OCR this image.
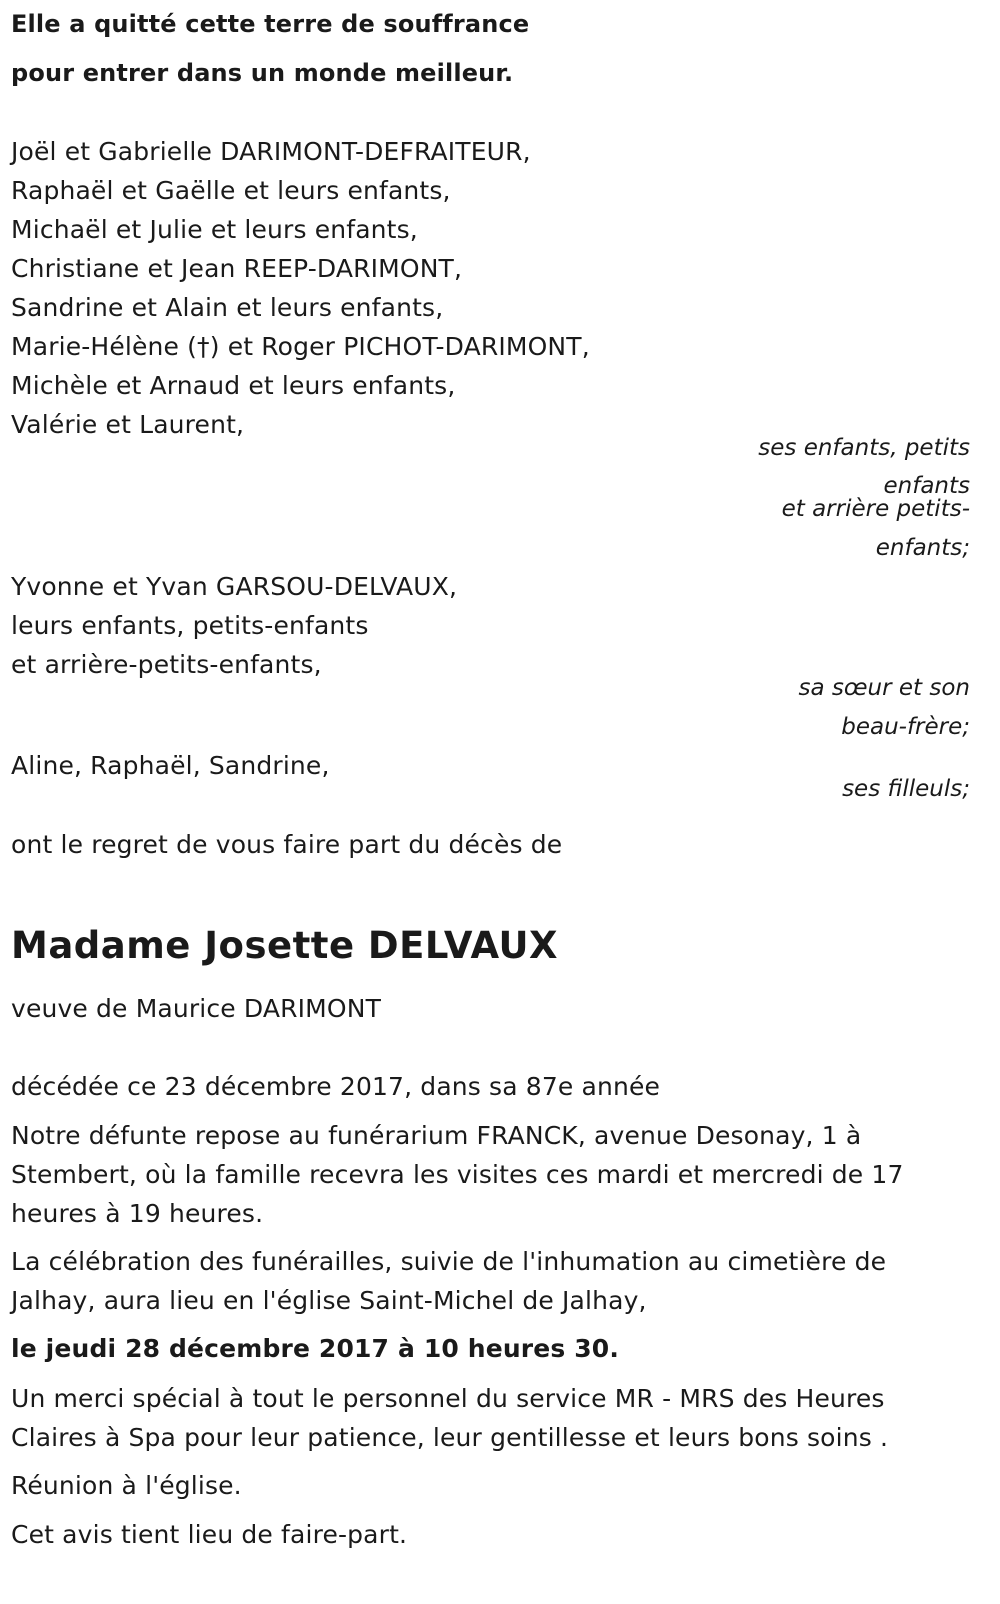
Elle a quitté cette terre de souffrance
pour entrer dans un monde meilleur.
Joël et Gabrielle DARIMONT-DEFRAITEUR,
Raphaël et Gaëlle et leurs enfants,
Michaël et Julie et leurs enfants,
Christiane et Jean REEP-DARIMONT,
Sandrine et Alain et leurs enfants,
Marie-Hélène (†) et Roger PICHOT-DARIMONT,
Michèle et Arnaud et leurs enfants,
Valérie et Laurent,
ses enfants, petits
enfants
et arrière petits-
enfants;
Yvonne et Yvan GARSOU-DELVAUX,
leurs enfants, petits-enfants
et arrière-petits-enfants,
sa sœur et son
beau-frère;
Aline, Raphaël, Sandrine,
ses filleuls;
ont le regret de vous faire part du décès de
Madame Josette DELVAUX
veuve de Maurice DARIMONT
décédée ce 23 décembre 2017, dans sa 87e année
Notre défunte repose au funérarium FRANCK, avenue Desonay, 1 à Stembert, où la famille recevra les visites ces mardi et mercredi de 17 heures à 19 heures.
La célébration des funérailles, suivie de l'inhumation au cimetière de Jalhay, aura lieu en l'église Saint-Michel de Jalhay,
le jeudi 28 décembre 2017 à 10 heures 30.
Un merci spécial à tout le personnel du service MR - MRS des Heures Claires à Spa pour leur patience, leur gentillesse et leurs bons soins .
Réunion à l'église.
Cet avis tient lieu de faire-part.
